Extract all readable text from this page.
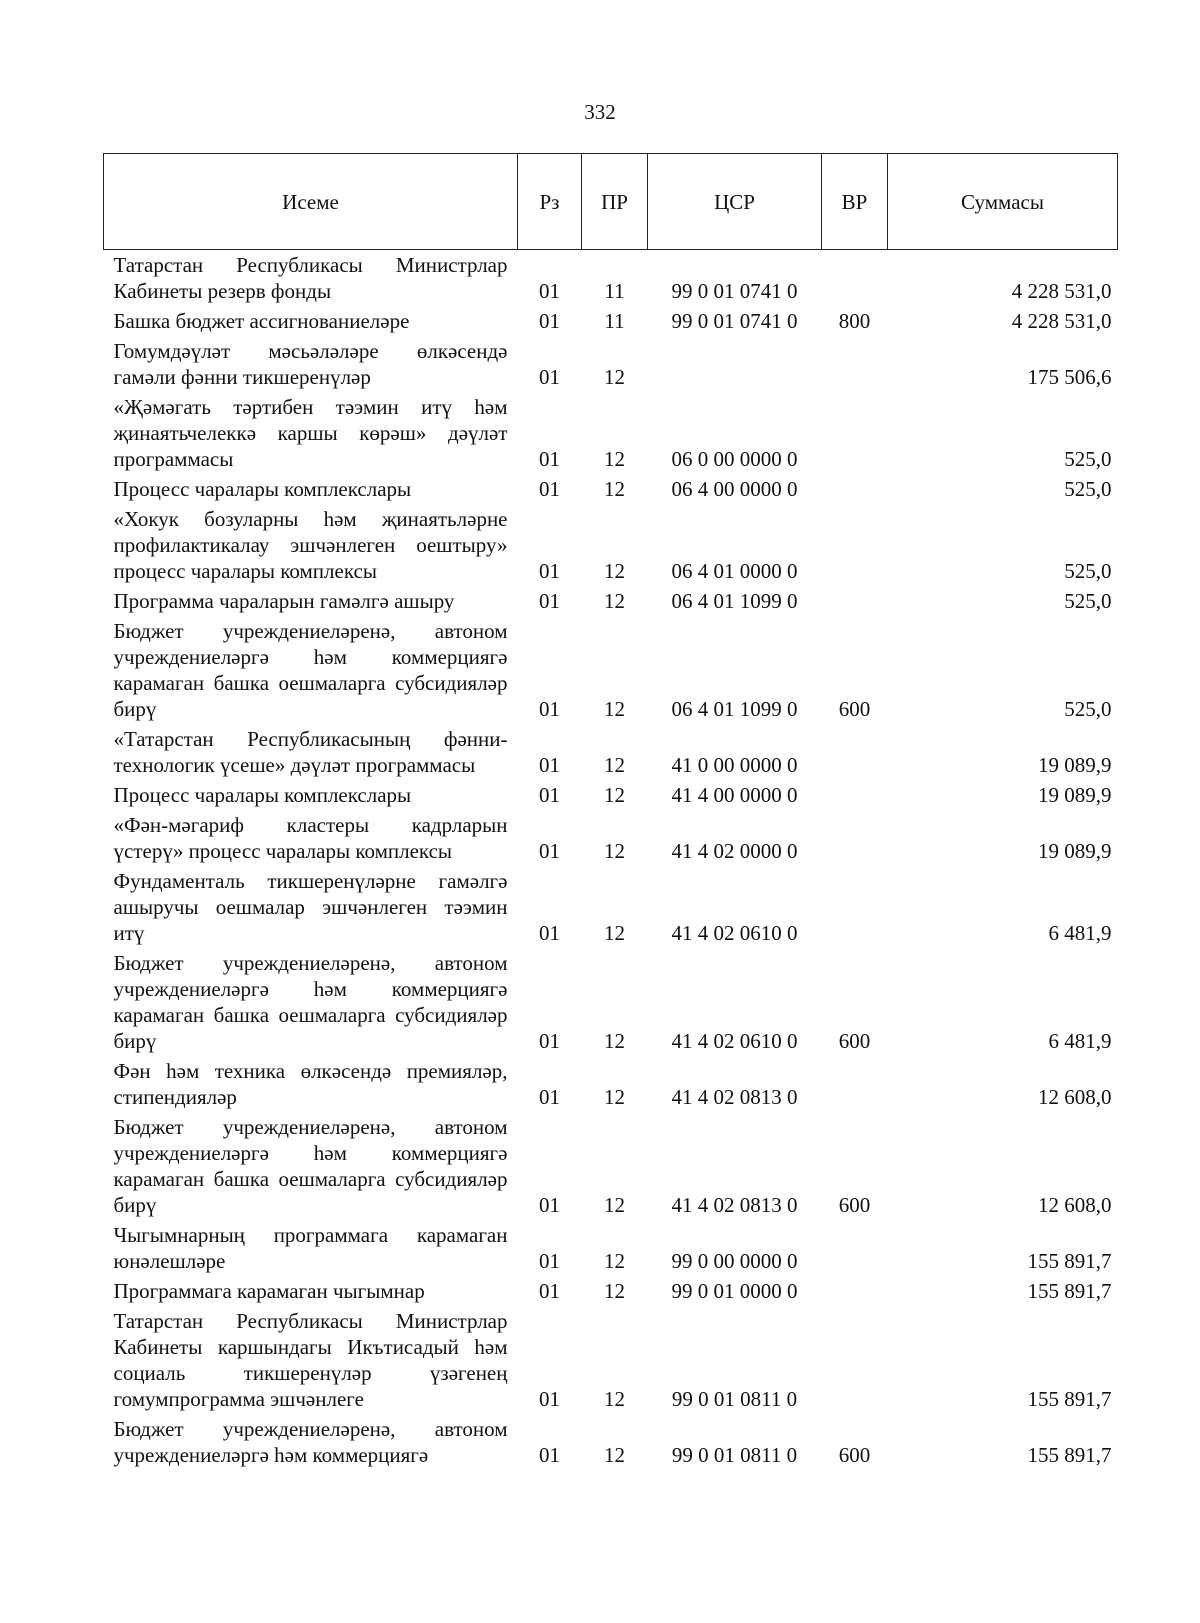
332
Исеме	Рз	ПР	ЦСР	ВР	Суммасы

Татарстан Республикасы Министрлар Кабинеты резерв фонды	01	11	99 0 01 0741 0		4 228 531,0

Башка бюджет ассигнованиеләре	01	11	99 0 01 0741 0	800	4 228 531,0

Гомумдәүләт мәсьәләләре өлкәсендә гамәли фәнни тикшеренүләр	01	12			175 506,6

«Җәмәгать тәртибен тәэмин итү һәм җинаятьчелеккә каршы көрәш» дәүләт программасы	01	12	06 0 00 0000 0		525,0

Процесс чаралары комплекслары	01	12	06 4 00 0000 0		525,0

«Хокук бозуларны һәм җинаятьләрне профилактикалау эшчәнлеген оештыру» процесс чаралары комплексы	01	12	06 4 01 0000 0		525,0

Программа чараларын гамәлгә ашыру	01	12	06 4 01 1099 0		525,0

Бюджет учреждениеләренә, автоном учреждениеләргә һәм коммерциягә карамаган башка оешмаларга субсидияләр бирү	01	12	06 4 01 1099 0	600	525,0

«Татарстан Республикасының фәнни-технологик үсеше» дәүләт программасы	01	12	41 0 00 0000 0		19 089,9

Процесс чаралары комплекслары	01	12	41 4 00 0000 0		19 089,9

«Фән-мәгариф кластеры кадрларын үстерү» процесс чаралары комплексы	01	12	41 4 02 0000 0		19 089,9

Фундаменталь тикшеренүләрне гамәлгә ашыручы оешмалар эшчәнлеген тәэмин итү	01	12	41 4 02 0610 0		6 481,9

Бюджет учреждениеләренә, автоном учреждениеләргә һәм коммерциягә карамаган башка оешмаларга субсидияләр бирү	01	12	41 4 02 0610 0	600	6 481,9

Фән һәм техника өлкәсендә премияләр, стипендияләр	01	12	41 4 02 0813 0		12 608,0

Бюджет учреждениеләренә, автоном учреждениеләргә һәм коммерциягә карамаган башка оешмаларга субсидияләр бирү	01	12	41 4 02 0813 0	600	12 608,0

Чыгымнарның программага карамаган юнәлешләре	01	12	99 0 00 0000 0		155 891,7

Программага карамаган чыгымнар	01	12	99 0 01 0000 0		155 891,7

Татарстан Республикасы Министрлар Кабинеты каршындагы Икътисадый һәм социаль тикшеренүләр үзәгенең гомумпрограмма эшчәнлеге	01	12	99 0 01 0811 0		155 891,7

Бюджет учреждениеләренә, автоном учреждениеләргә һәм коммерциягә	01	12	99 0 01 0811 0	600	155 891,7
